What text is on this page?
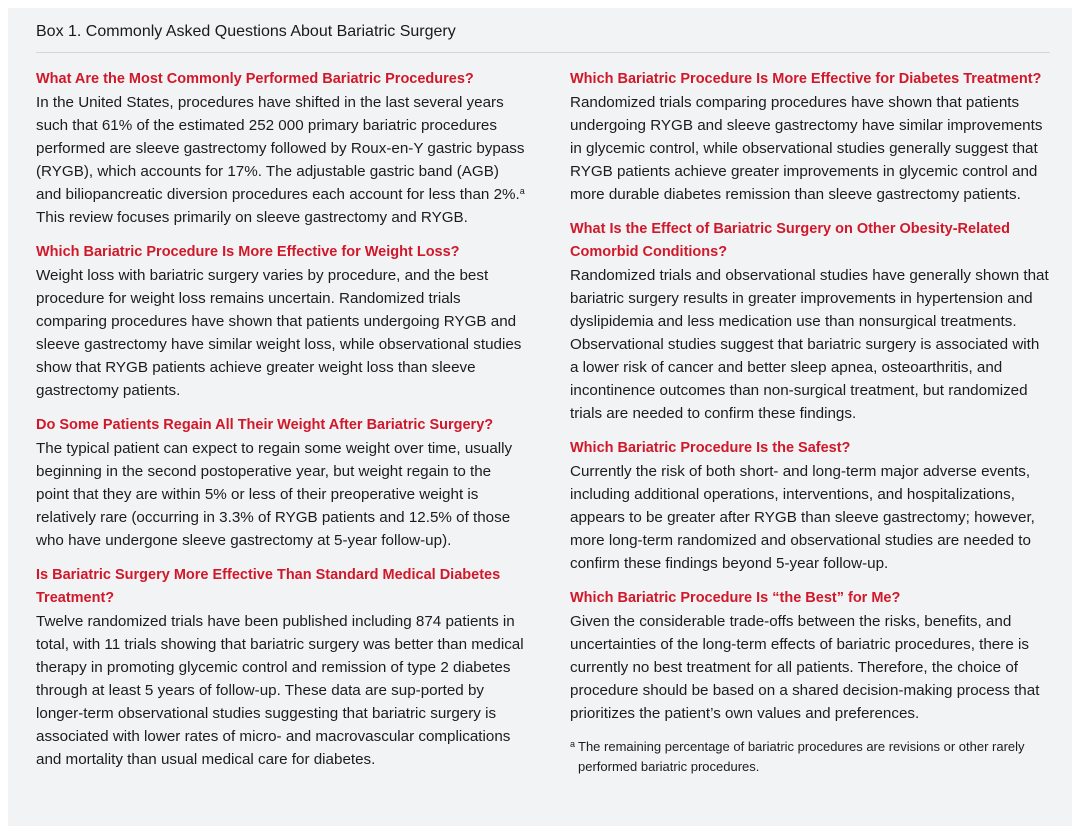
Box 1. Commonly Asked Questions About Bariatric Surgery

What Are the Most Commonly Performed Bariatric Procedures?

In the United States, procedures have shifted in the last several years such that 61% of the estimated 252 000 primary bariatric procedures performed are sleeve gastrectomy followed by Roux-en-Y gastric bypass (RYGB), which accounts for 17%. The adjustable gastric band (AGB) and biliopancreatic diversion procedures each account for less than 2%.$^a$ This review focuses primarily on sleeve gastrectomy and RYGB.

Which Bariatric Procedure Is More Effective for Weight Loss?

Weight loss with bariatric surgery varies by procedure, and the best procedure for weight loss remains uncertain. Randomized trials comparing procedures have shown that patients undergoing RYGB and sleeve gastrectomy have similar weight loss, while observational studies show that RYGB patients achieve greater weight loss than sleeve gastrectomy patients.

Do Some Patients Regain All Their Weight After Bariatric Surgery?

The typical patient can expect to regain some weight over time, usually beginning in the second postoperative year, but weight regain to the point that they are within 5% or less of their preoperative weight is relatively rare (occurring in 3.3% of RYGB patients and 12.5% of those who have undergone sleeve gastrectomy at 5-year follow-up).

Is Bariatric Surgery More Effective Than Standard Medical Diabetes Treatment?

Twelve randomized trials have been published including 874 patients in total, with 11 trials showing that bariatric surgery was better than medical therapy in promoting glycemic control and remission of type 2 diabetes through at least 5 years of follow-up. These data are sup-ported by longer-term observational studies suggesting that bariatric surgery is associated with lower rates of micro- and macrovascular complications and mortality than usual medical care for diabetes.

Which Bariatric Procedure Is More Effective for Diabetes Treatment?

Randomized trials comparing procedures have shown that patients undergoing RYGB and sleeve gastrectomy have similar improvements in glycemic control, while observational studies generally suggest that RYGB patients achieve greater improvements in glycemic control and more durable diabetes remission than sleeve gastrectomy patients.

What Is the Effect of Bariatric Surgery on Other Obesity-Related Comorbid Conditions?

Randomized trials and observational studies have generally shown that bariatric surgery results in greater improvements in hypertension and dyslipidemia and less medication use than nonsurgical treatments. Observational studies suggest that bariatric surgery is associated with a lower risk of cancer and better sleep apnea, osteoarthritis, and incontinence outcomes than non-surgical treatment, but randomized trials are needed to confirm these findings.

Which Bariatric Procedure Is the Safest?

Currently the risk of both short- and long-term major adverse events, including additional operations, interventions, and hospitalizations, appears to be greater after RYGB than sleeve gastrectomy; however, more long-term randomized and observational studies are needed to confirm these findings beyond 5-year follow-up.

Which Bariatric Procedure Is “the Best” for Me?

Given the considerable trade-offs between the risks, benefits, and uncertainties of the long-term effects of bariatric procedures, there is currently no best treatment for all patients. Therefore, the choice of procedure should be based on a shared decision-making process that prioritizes the patient’s own values and preferences.

a The remaining percentage of bariatric procedures are revisions or other rarely performed bariatric procedures.
